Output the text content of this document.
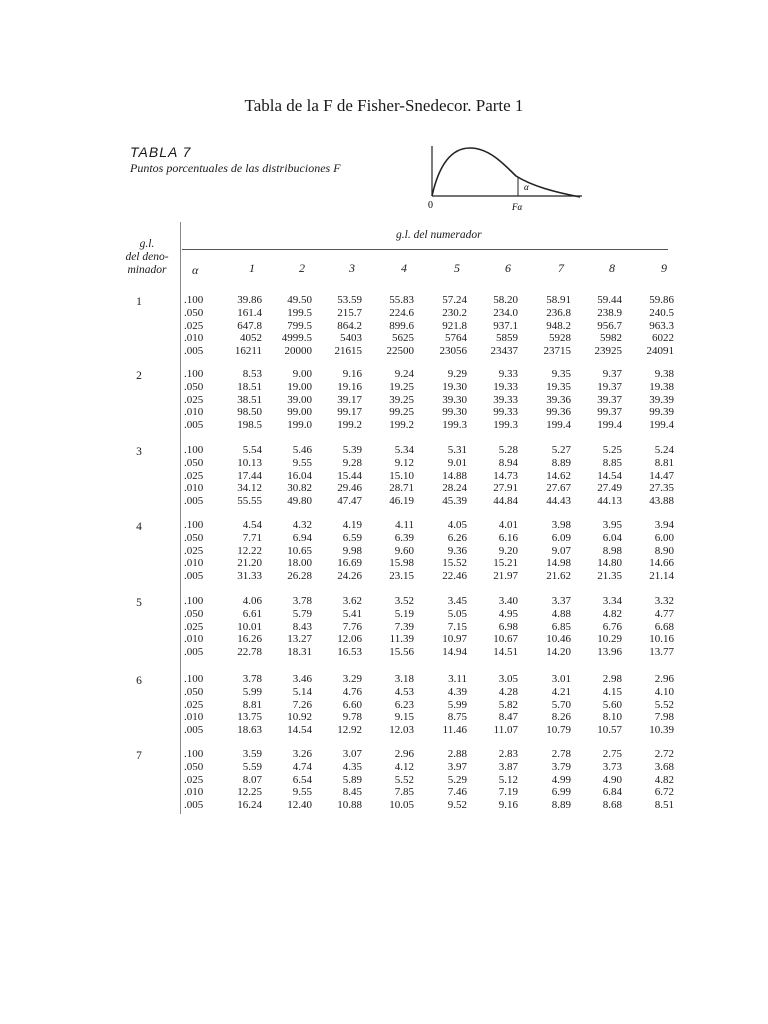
Tabla de la F de Fisher-Snedecor. Parte 1
TABLA 7
Puntos porcentuales de las distribuciones F
0
α
Fα
g.l.
del deno-
minador
g.l. del numerador
α	1	2	3	4	5	6	7	8	9
1	.100	39.86	49.50	53.59	55.83	57.24	58.20	58.91	59.44	59.86
.050	161.4	199.5	215.7	224.6	230.2	234.0	236.8	238.9	240.5
.025	647.8	799.5	864.2	899.6	921.8	937.1	948.2	956.7	963.3
.010	4052	4999.5	5403	5625	5764	5859	5928	5982	6022
.005	16211	20000	21615	22500	23056	23437	23715	23925	24091
2	.100	8.53	9.00	9.16	9.24	9.29	9.33	9.35	9.37	9.38
.050	18.51	19.00	19.16	19.25	19.30	19.33	19.35	19.37	19.38
.025	38.51	39.00	39.17	39.25	39.30	39.33	39.36	39.37	39.39
.010	98.50	99.00	99.17	99.25	99.30	99.33	99.36	99.37	99.39
.005	198.5	199.0	199.2	199.2	199.3	199.3	199.4	199.4	199.4
3	.100	5.54	5.46	5.39	5.34	5.31	5.28	5.27	5.25	5.24
.050	10.13	9.55	9.28	9.12	9.01	8.94	8.89	8.85	8.81
.025	17.44	16.04	15.44	15.10	14.88	14.73	14.62	14.54	14.47
.010	34.12	30.82	29.46	28.71	28.24	27.91	27.67	27.49	27.35
.005	55.55	49.80	47.47	46.19	45.39	44.84	44.43	44.13	43.88
4	.100	4.54	4.32	4.19	4.11	4.05	4.01	3.98	3.95	3.94
.050	7.71	6.94	6.59	6.39	6.26	6.16	6.09	6.04	6.00
.025	12.22	10.65	9.98	9.60	9.36	9.20	9.07	8.98	8.90
.010	21.20	18.00	16.69	15.98	15.52	15.21	14.98	14.80	14.66
.005	31.33	26.28	24.26	23.15	22.46	21.97	21.62	21.35	21.14
5	.100	4.06	3.78	3.62	3.52	3.45	3.40	3.37	3.34	3.32
.050	6.61	5.79	5.41	5.19	5.05	4.95	4.88	4.82	4.77
.025	10.01	8.43	7.76	7.39	7.15	6.98	6.85	6.76	6.68
.010	16.26	13.27	12.06	11.39	10.97	10.67	10.46	10.29	10.16
.005	22.78	18.31	16.53	15.56	14.94	14.51	14.20	13.96	13.77
6	.100	3.78	3.46	3.29	3.18	3.11	3.05	3.01	2.98	2.96
.050	5.99	5.14	4.76	4.53	4.39	4.28	4.21	4.15	4.10
.025	8.81	7.26	6.60	6.23	5.99	5.82	5.70	5.60	5.52
.010	13.75	10.92	9.78	9.15	8.75	8.47	8.26	8.10	7.98
.005	18.63	14.54	12.92	12.03	11.46	11.07	10.79	10.57	10.39
7	.100	3.59	3.26	3.07	2.96	2.88	2.83	2.78	2.75	2.72
.050	5.59	4.74	4.35	4.12	3.97	3.87	3.79	3.73	3.68
.025	8.07	6.54	5.89	5.52	5.29	5.12	4.99	4.90	4.82
.010	12.25	9.55	8.45	7.85	7.46	7.19	6.99	6.84	6.72
.005	16.24	12.40	10.88	10.05	9.52	9.16	8.89	8.68	8.51
